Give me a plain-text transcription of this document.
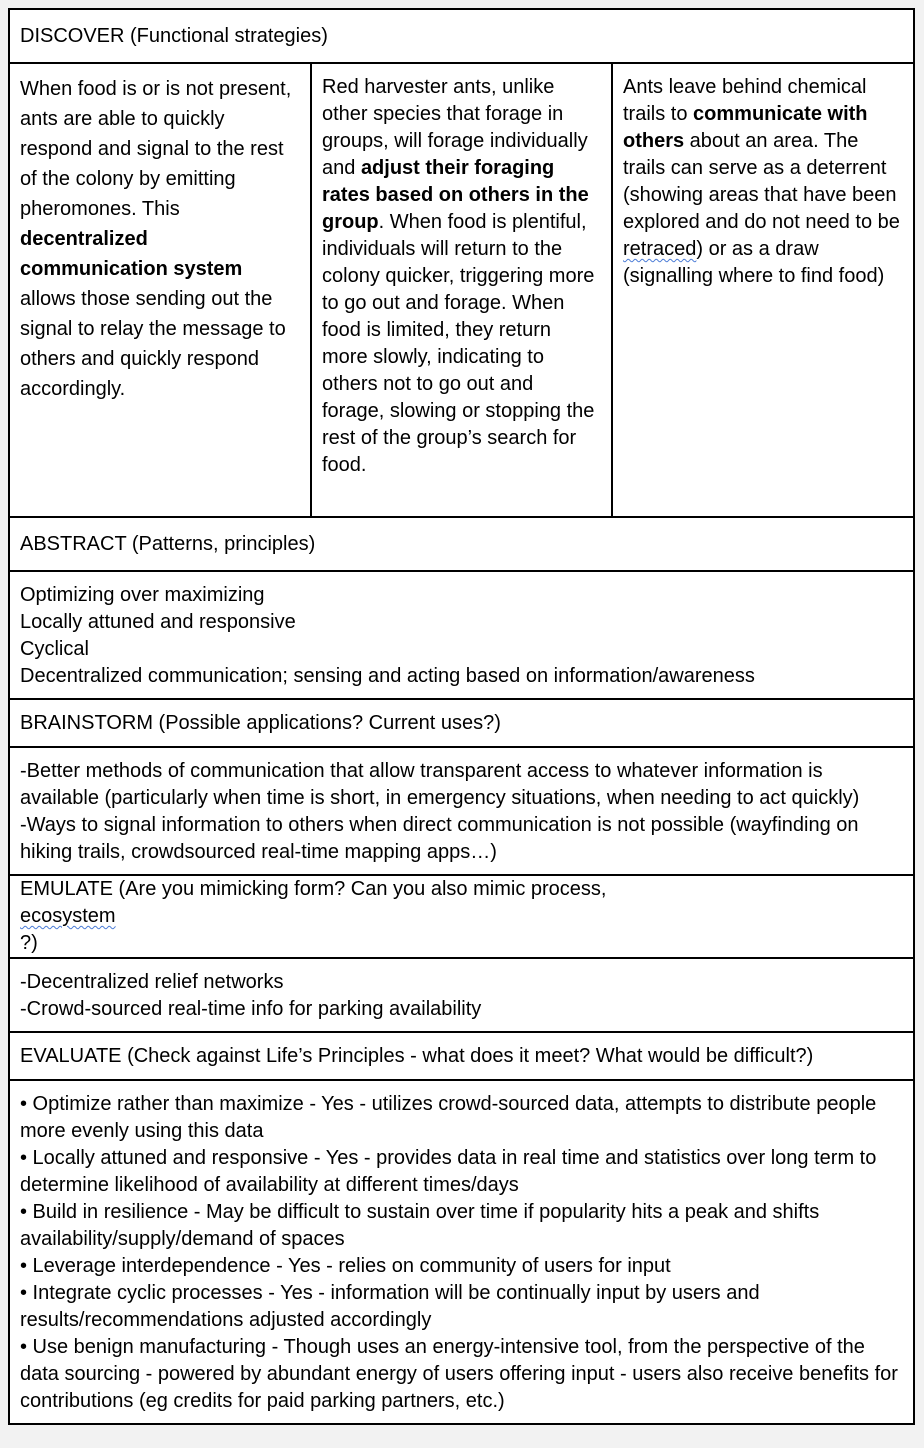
DISCOVER (Functional strategies)

When food is or is not present, ants are able to quickly respond and signal to the rest of the colony by emitting pheromones. This decentralized communication system allows those sending out the signal to relay the message to others and quickly respond accordingly.	Red harvester ants, unlike other species that forage in groups, will forage individually and adjust their foraging rates based on others in the group. When food is plentiful, individuals will return to the colony quicker, triggering more to go out and forage. When food is limited, they return more slowly, indicating to others not to go out and forage, slowing or stopping the rest of the group’s search for food.	Ants leave behind chemical trails to communicate with others about an area. The trails can serve as a deterrent (showing areas that have been explored and do not need to be retraced) or as a draw (signalling where to find food)

ABSTRACT (Patterns, principles)

Optimizing over maximizing
Locally attuned and responsive
Cyclical
Decentralized communication; sensing and acting based on information/awareness

BRAINSTORM (Possible applications? Current uses?)

-Better methods of communication that allow transparent access to whatever information is available (particularly when time is short, in emergency situations, when needing to act quickly)
-Ways to signal information to others when direct communication is not possible (wayfinding on hiking trails, crowdsourced real-time mapping apps…)

EMULATE (Are you mimicking form? Can you also mimic process,
ecosystem
?)

-Decentralized relief networks
-Crowd-sourced real-time info for parking availability

EVALUATE (Check against Life’s Principles - what does it meet? What would be difficult?)

• Optimize rather than maximize - Yes - utilizes crowd-sourced data, attempts to distribute people more evenly using this data
• Locally attuned and responsive - Yes - provides data in real time and statistics over long term to determine likelihood of availability at different times/days
• Build in resilience - May be difficult to sustain over time if popularity hits a peak and shifts availability/supply/demand of spaces
• Leverage interdependence - Yes - relies on community of users for input
• Integrate cyclic processes - Yes - information will be continually input by users and results/recommendations adjusted accordingly
• Use benign manufacturing - Though uses an energy-intensive tool, from the perspective of the data sourcing - powered by abundant energy of users offering input - users also receive benefits for contributions (eg credits for paid parking partners, etc.)
